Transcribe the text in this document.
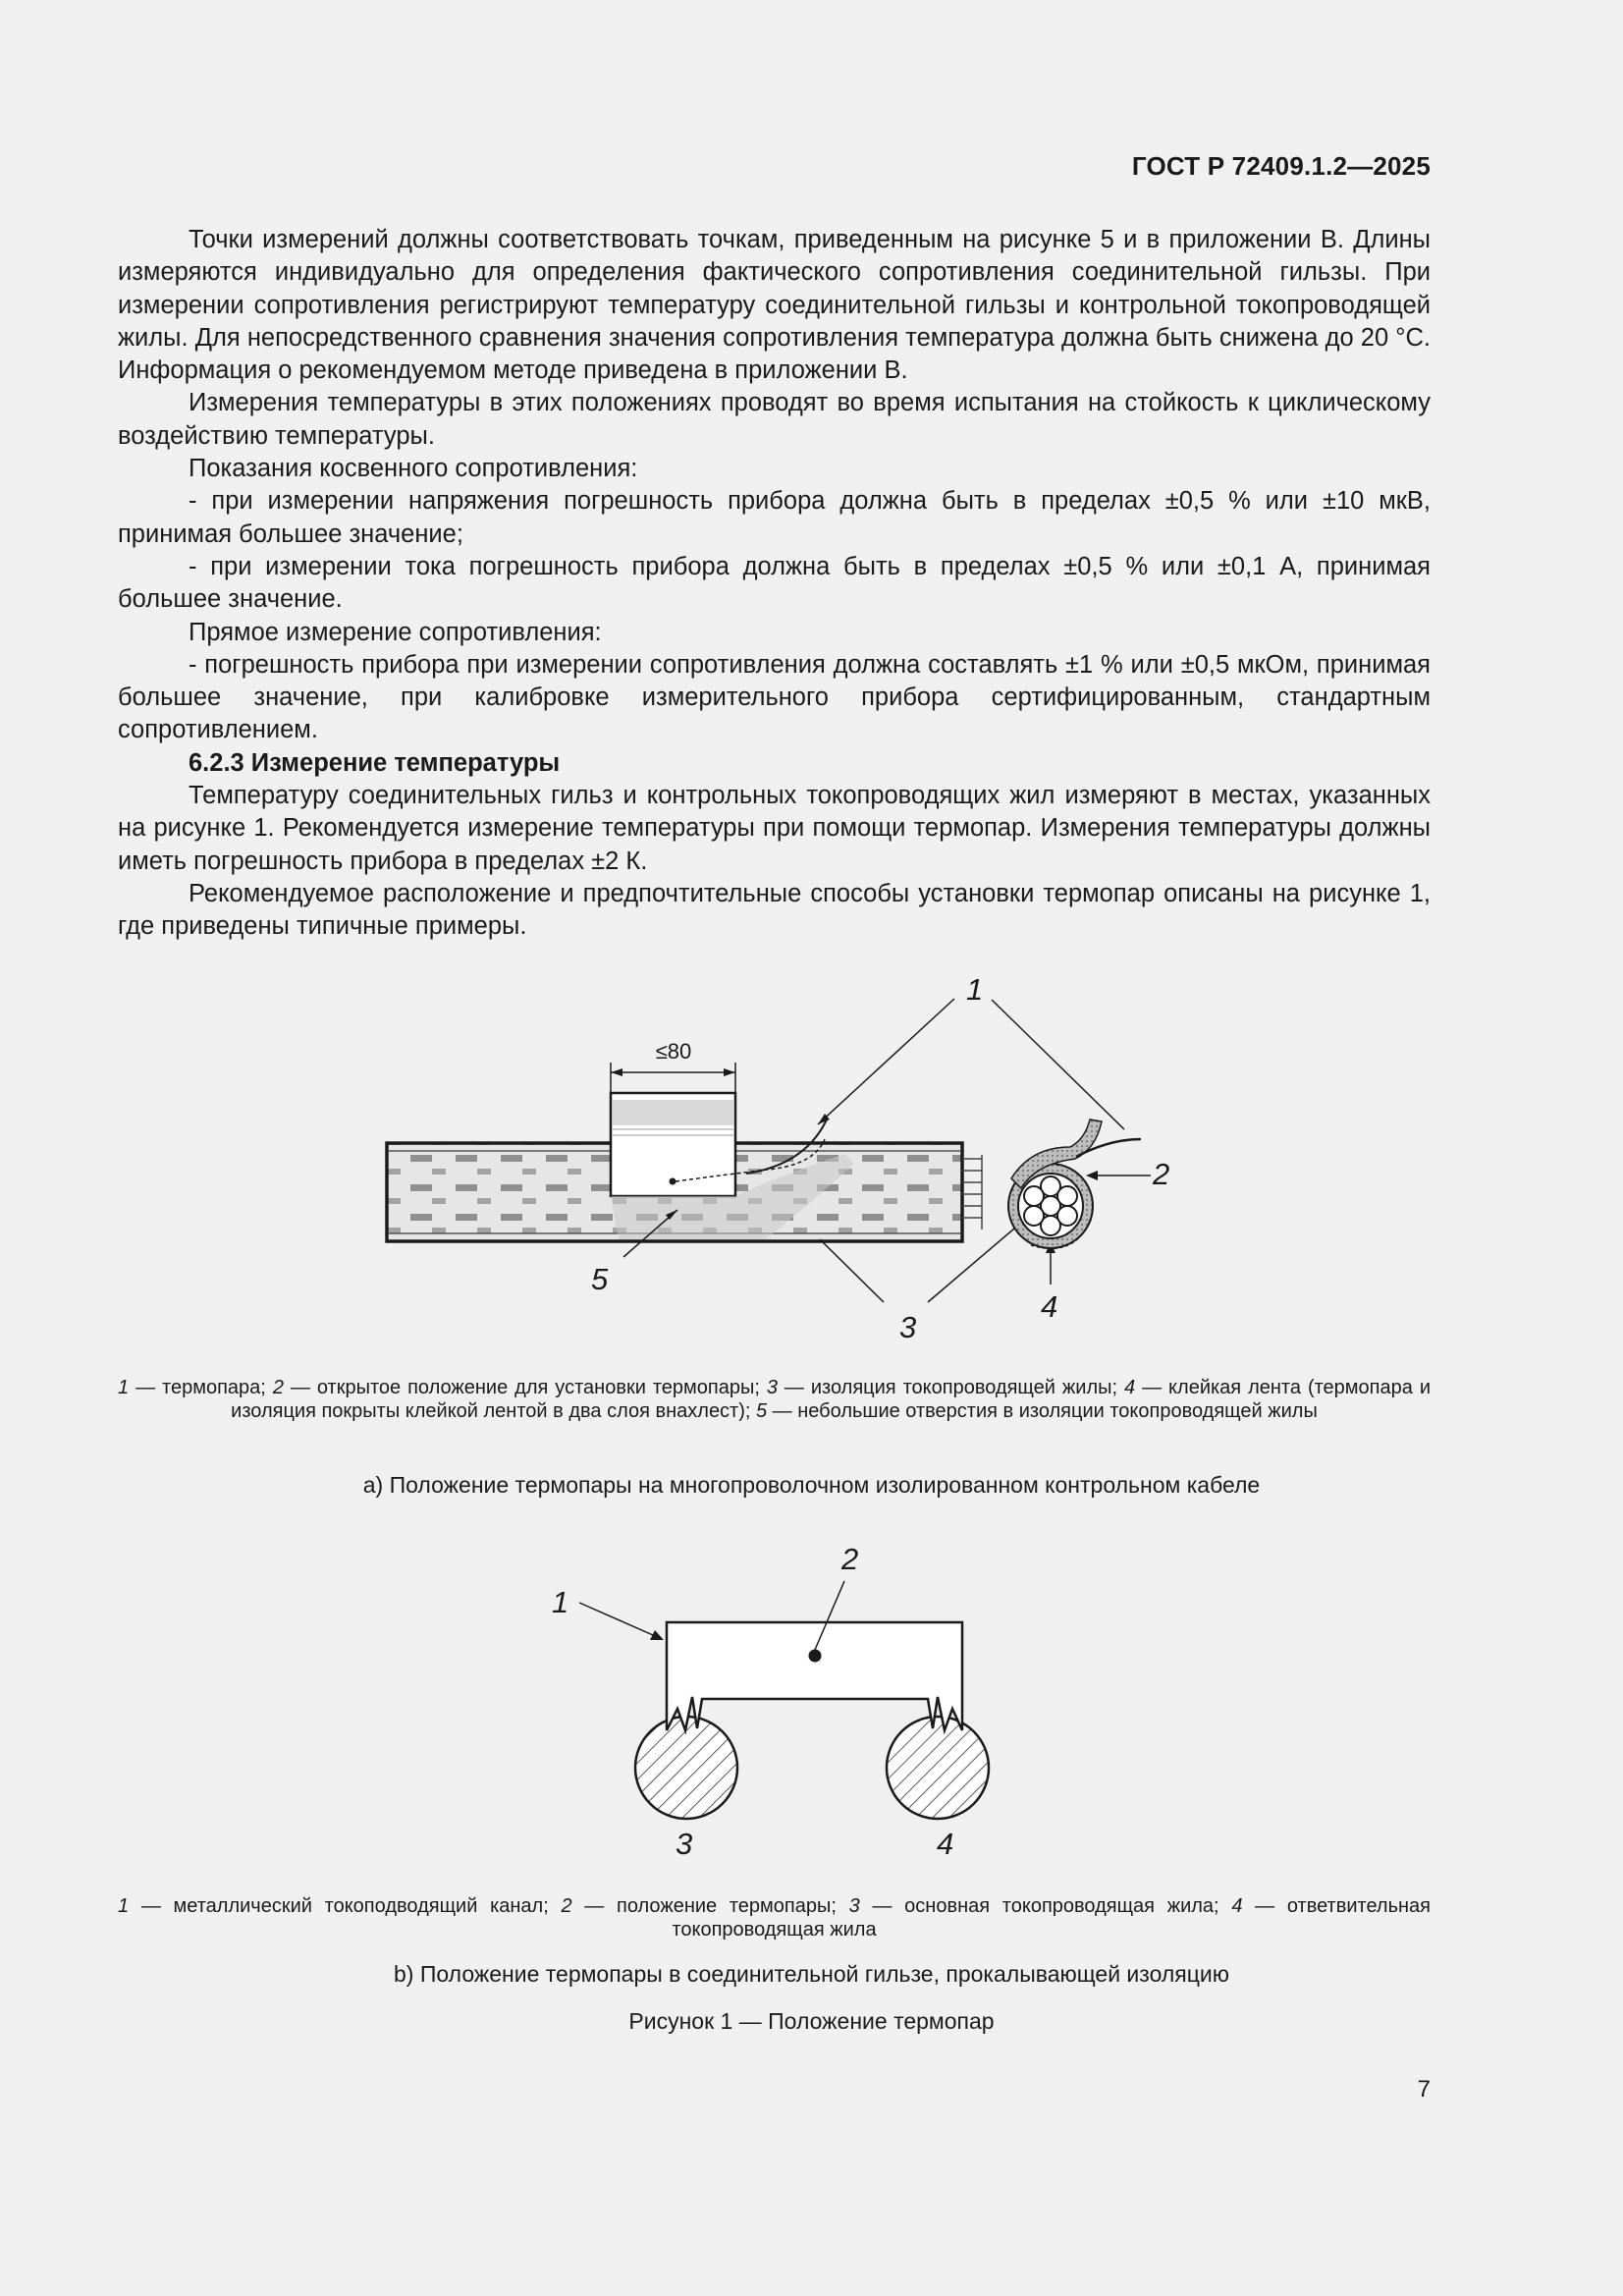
ГОСТ Р 72409.1.2—2025

Точки измерений должны соответствовать точкам, приведенным на рисунке 5 и в приложении В. Длины измеряются индивидуально для определения фактического сопротивления соединительной гильзы. При измерении сопротивления регистрируют температуру соединительной гильзы и контрольной токопроводящей жилы. Для непосредственного сравнения значения сопротивления температура должна быть снижена до 20 °C. Информация о рекомендуемом методе приведена в приложении В.

Измерения температуры в этих положениях проводят во время испытания на стойкость к циклическому воздействию температуры.

Показания косвенного сопротивления:

- при измерении напряжения погрешность прибора должна быть в пределах ±0,5 % или ±10 мкВ, принимая большее значение;

- при измерении тока погрешность прибора должна быть в пределах ±0,5 % или ±0,1 А, принимая большее значение.

Прямое измерение сопротивления:

- погрешность прибора при измерении сопротивления должна составлять ±1 % или ±0,5 мкОм, принимая большее значение, при калибровке измерительного прибора сертифицированным, стандартным сопротивлением.

6.2.3 Измерение температуры

Температуру соединительных гильз и контрольных токопроводящих жил измеряют в местах, указанных на рисунке 1. Рекомендуется измерение температуры при помощи термопар. Измерения температуры должны иметь погрешность прибора в пределах ±2 К.

Рекомендуемое расположение и предпочтительные способы установки термопар описаны на рисунке 1, где приведены типичные примеры.

≤80
1
2
3
4
5
1 — термопара; 2 — открытое положение для установки термопары; 3 — изоляция токопроводящей жилы; 4 — клейкая лента (термопара и изоляция покрыты клейкой лентой в два слоя внахлест); 5 — небольшие отверстия в изоляции токопроводящей жилы
а) Положение термопары на многопроволочном изолированном контрольном кабеле
1
2
3	4
1 — металлический токоподводящий канал; 2 — положение термопары; 3 — основная токопроводящая жила; 4 — ответвительная токопроводящая жила
b) Положение термопары в соединительной гильзе, прокалывающей изоляцию
Рисунок 1 — Положение термопар
7
